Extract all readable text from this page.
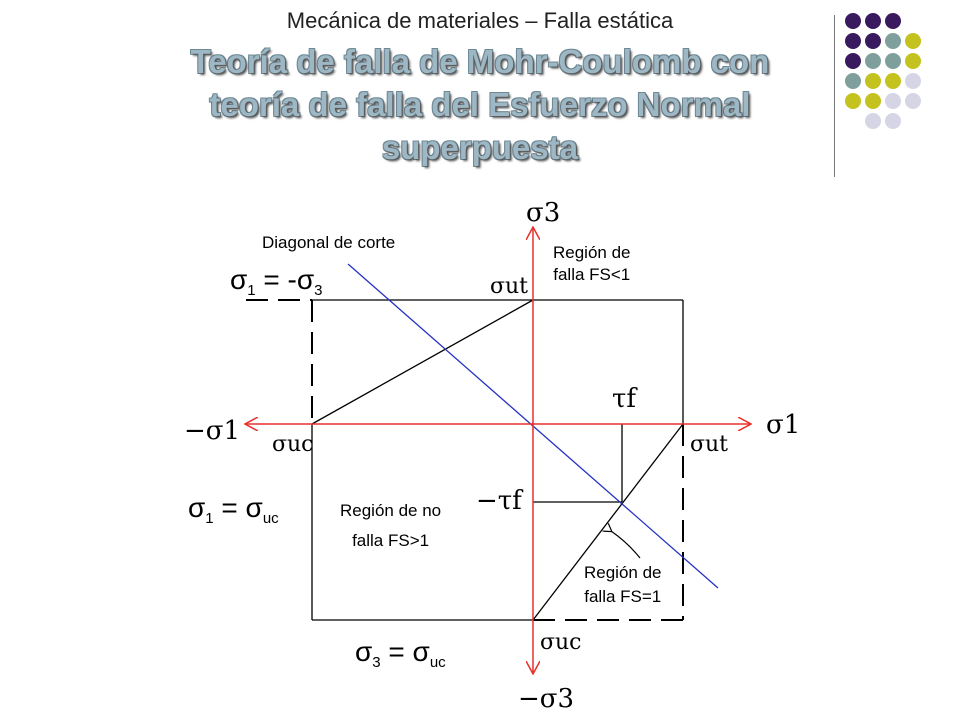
Mecánica de materiales – Falla estática
Teoría de falla de Mohr-Coulomb con
teoría de falla del Esfuerzo Normal
superpuesta
Diagonal de corte
Región de
falla FS<1
Región de no
falla FS>1
Región de
falla FS=1
σ3
−σ3
σ1
−σ1
σut
σut
σuc
σuc
τf
−τf
$\sigma_1 = -\sigma_3$
$\sigma_1 = \sigma_{uc}$
$\sigma_3 = \sigma_{uc}$
